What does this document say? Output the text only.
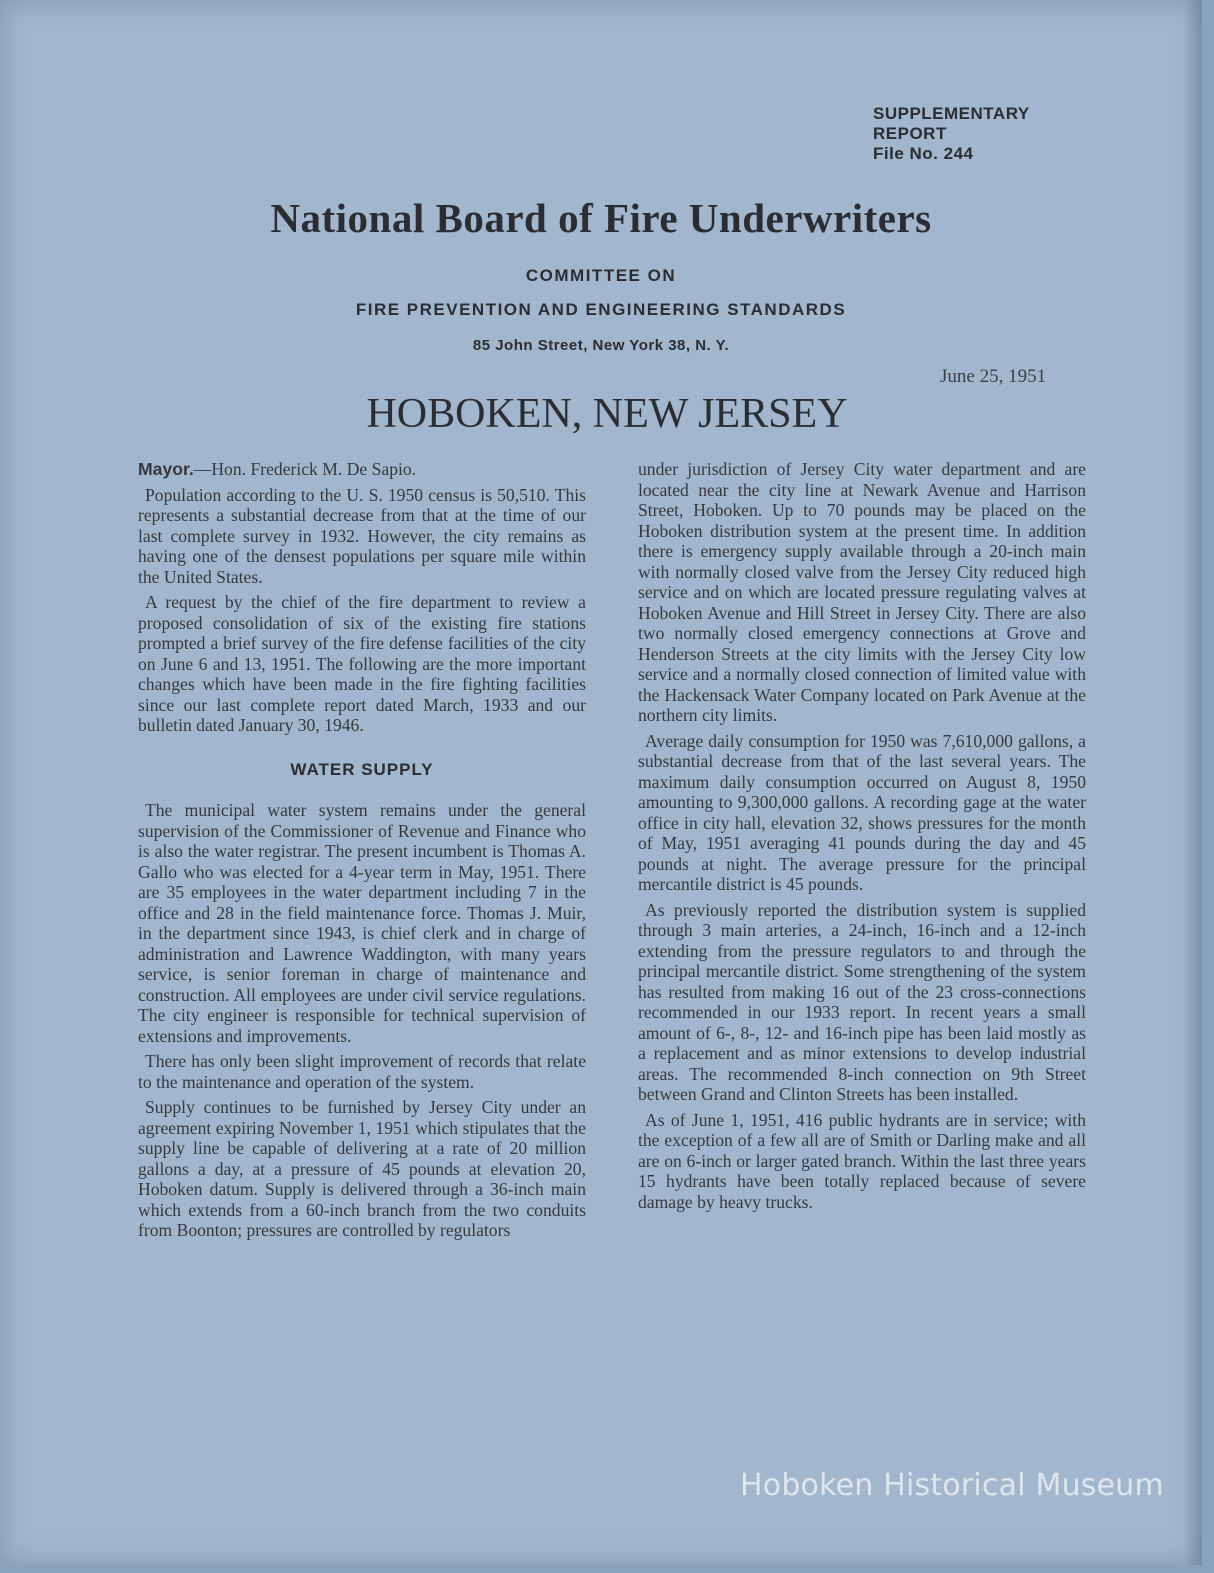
SUPPLEMENTARY
REPORT
File No. 244
National Board of Fire Underwriters
COMMITTEE ON
FIRE PREVENTION AND ENGINEERING STANDARDS
85 John Street, New York 38, N. Y.
June 25, 1951
HOBOKEN, NEW JERSEY

Mayor.—Hon. Frederick M. De Sapio.

Population according to the U. S. 1950 census is 50,510. This represents a substantial decrease from that at the time of our last complete survey in 1932. However, the city remains as having one of the densest populations per square mile within the United States.

A request by the chief of the fire department to review a proposed consolidation of six of the existing fire stations prompted a brief survey of the fire defense facilities of the city on June 6 and 13, 1951. The following are the more important changes which have been made in the fire fighting facilities since our last complete report dated March, 1933 and our bulletin dated January 30, 1946.

WATER SUPPLY

The municipal water system remains under the general supervision of the Commissioner of Revenue and Finance who is also the water registrar. The present incumbent is Thomas A. Gallo who was elected for a 4-year term in May, 1951. There are 35 employees in the water department including 7 in the office and 28 in the field maintenance force. Thomas J. Muir, in the department since 1943, is chief clerk and in charge of administration and Lawrence Waddington, with many years service, is senior foreman in charge of maintenance and construction. All employees are under civil service regulations. The city engineer is responsible for technical supervision of extensions and improvements.

There has only been slight improvement of records that relate to the maintenance and operation of the system.

Supply continues to be furnished by Jersey City under an agreement expiring November 1, 1951 which stipulates that the supply line be capable of delivering at a rate of 20 million gallons a day, at a pressure of 45 pounds at elevation 20, Hoboken datum. Supply is delivered through a 36-inch main which extends from a 60-inch branch from the two conduits from Boonton; pressures are controlled by regulators

under jurisdiction of Jersey City water department and are located near the city line at Newark Avenue and Harrison Street, Hoboken. Up to 70 pounds may be placed on the Hoboken distribution system at the present time. In addition there is emergency supply available through a 20-inch main with normally closed valve from the Jersey City reduced high service and on which are located pressure regulating valves at Hoboken Avenue and Hill Street in Jersey City. There are also two normally closed emergency connections at Grove and Henderson Streets at the city limits with the Jersey City low service and a normally closed connection of limited value with the Hackensack Water Company located on Park Avenue at the northern city limits.

Average daily consumption for 1950 was 7,610,000 gallons, a substantial decrease from that of the last several years. The maximum daily consumption occurred on August 8, 1950 amounting to 9,300,000 gallons. A recording gage at the water office in city hall, elevation 32, shows pressures for the month of May, 1951 averaging 41 pounds during the day and 45 pounds at night. The average pressure for the principal mercantile district is 45 pounds.

As previously reported the distribution system is supplied through 3 main arteries, a 24-inch, 16-inch and a 12-inch extending from the pressure regulators to and through the principal mercantile district. Some strengthening of the system has resulted from making 16 out of the 23 cross-connections recommended in our 1933 report. In recent years a small amount of 6-, 8-, 12- and 16-inch pipe has been laid mostly as a replacement and as minor extensions to develop industrial areas. The recommended 8-inch connection on 9th Street between Grand and Clinton Streets has been installed.

As of June 1, 1951, 416 public hydrants are in service; with the exception of a few all are of Smith or Darling make and all are on 6-inch or larger gated branch. Within the last three years 15 hydrants have been totally replaced because of severe damage by heavy trucks.

Hoboken Historical Museum
